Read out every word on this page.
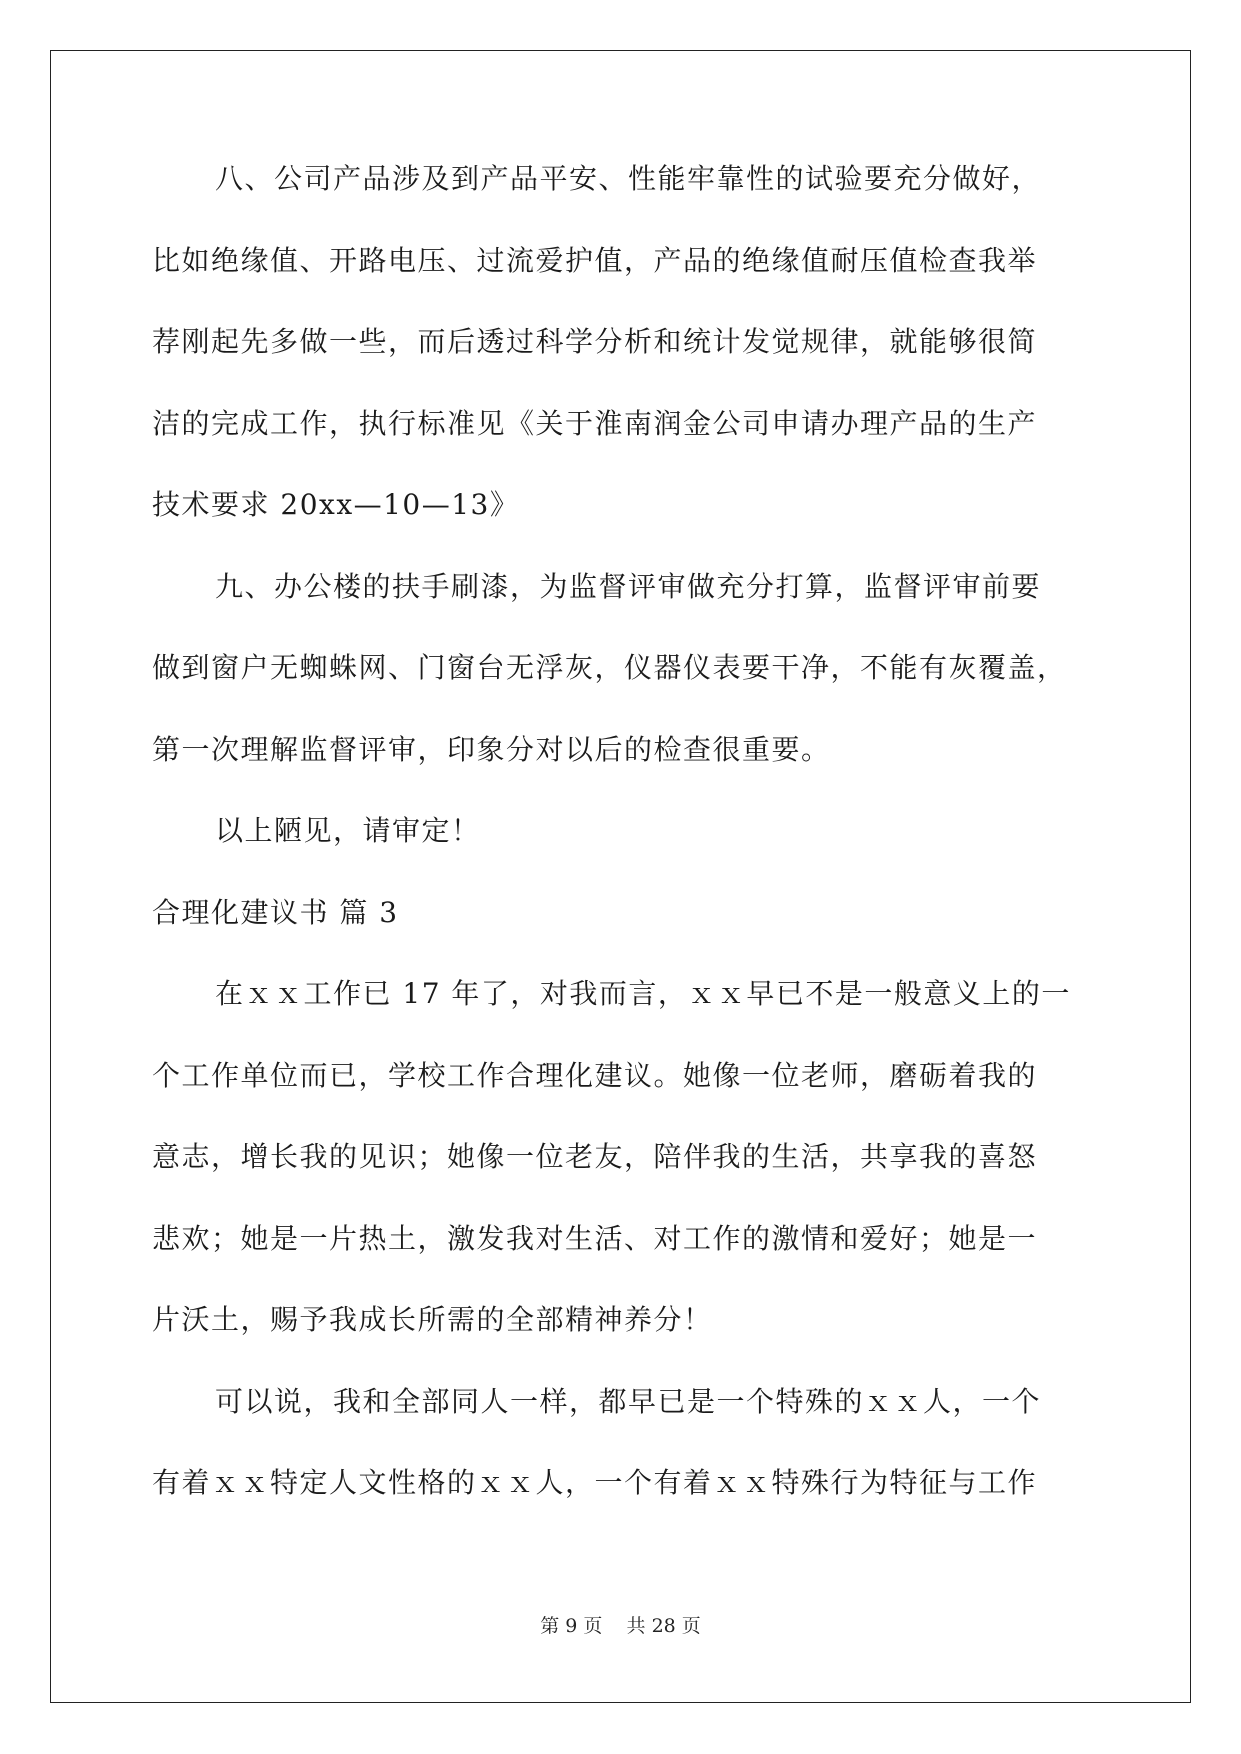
八、公司产品涉及到产品平安、性能牢靠性的试验要充分做好，
比如绝缘值、开路电压、过流爱护值，产品的绝缘值耐压值检查我举
荐刚起先多做一些，而后透过科学分析和统计发觉规律，就能够很简
洁的完成工作，执行标准见《关于淮南润金公司申请办理产品的生产
技术要求 20xx—10—13》
九、办公楼的扶手刷漆，为监督评审做充分打算，监督评审前要
做到窗户无蜘蛛网、门窗台无浮灰，仪器仪表要干净，不能有灰覆盖，
第一次理解监督评审，印象分对以后的检查很重要。
以上陋见，请审定！
合理化建议书 篇 3
在ｘｘ工作已 17 年了，对我而言，ｘｘ早已不是一般意义上的一
个工作单位而已，学校工作合理化建议。她像一位老师，磨砺着我的
意志，增长我的见识；她像一位老友，陪伴我的生活，共享我的喜怒
悲欢；她是一片热土，激发我对生活、对工作的激情和爱好；她是一
片沃土，赐予我成长所需的全部精神养分！
可以说，我和全部同人一样，都早已是一个特殊的ｘｘ人，一个
有着ｘｘ特定人文性格的ｘｘ人，一个有着ｘｘ特殊行为特征与工作
第 9 页    共 28 页
